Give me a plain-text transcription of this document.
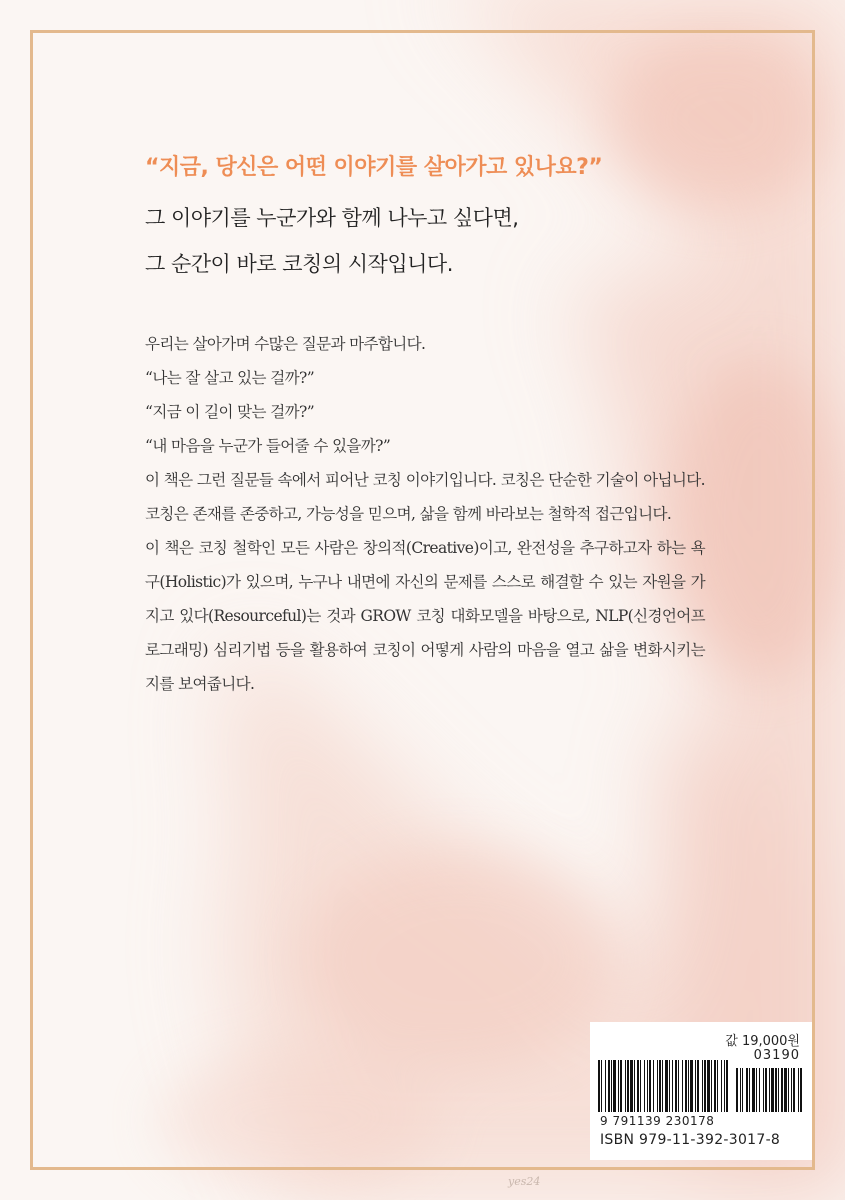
“지금, 당신은 어떤 이야기를 살아가고 있나요?”

그 이야기를 누군가와 함께 나누고 싶다면,

그 순간이 바로 코칭의 시작입니다.

우리는 살아가며 수많은 질문과 마주합니다.

“나는 잘 살고 있는 걸까?”

“지금 이 길이 맞는 걸까?”

“내 마음을 누군가 들어줄 수 있을까?”

이 책은 그런 질문들 속에서 피어난 코칭 이야기입니다. 코칭은 단순한 기술이 아닙니다. 코칭은 존재를 존중하고, 가능성을 믿으며, 삶을 함께 바라보는 철학적 접근입니다.

이 책은 코칭 철학인 모든 사람은 창의적(Creative)이고, 완전성을 추구하고자 하는 욕구(Holistic)가 있으며, 누구나 내면에 자신의 문제를 스스로 해결할 수 있는 자원을 가지고 있다(Resourceful)는 것과 GROW 코칭 대화모델을 바탕으로, NLP(신경언어프로그래밍) 심리기법 등을 활용하여 코칭이 어떻게 사람의 마음을 열고 삶을 변화시키는지를 보여줍니다.

값 19,000원
03190
9 791139 230178
ISBN 979-11-392-3017-8
yes24
